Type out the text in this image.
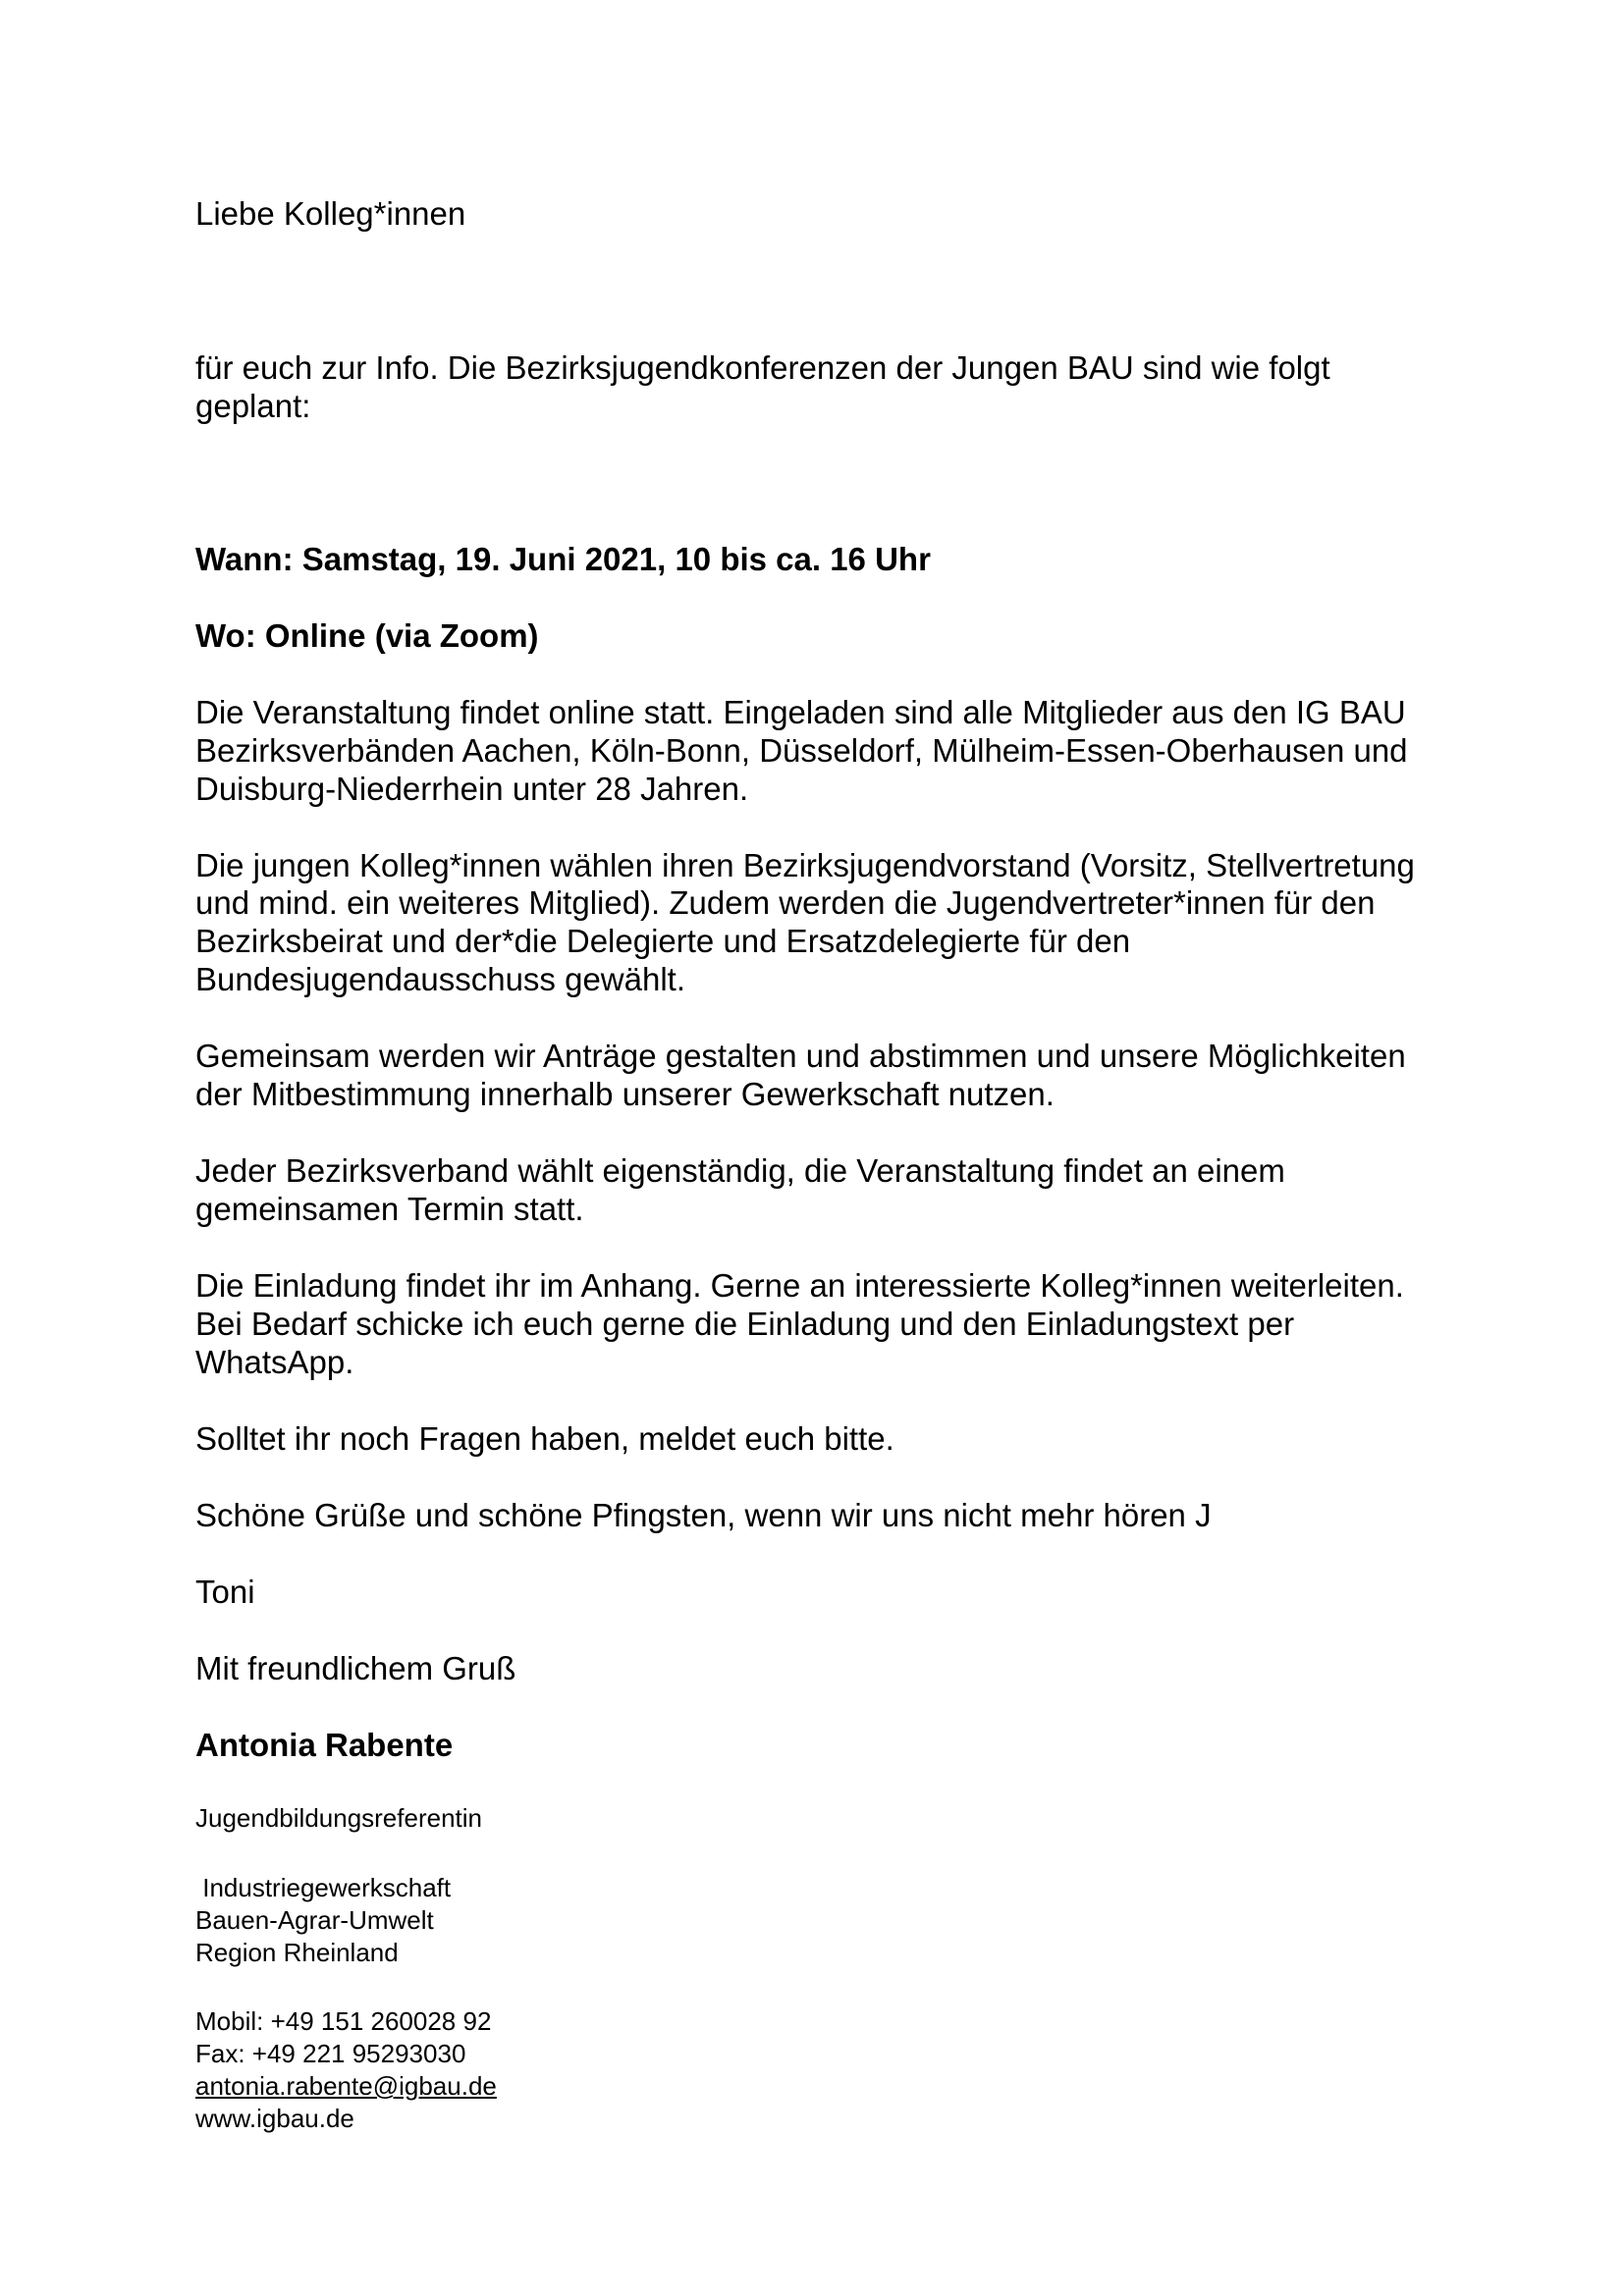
Liebe Kolleg*innen

für euch zur Info. Die Bezirksjugendkonferenzen der Jungen BAU sind wie folgt

geplant:

Wann: Samstag, 19. Juni 2021, 10 bis ca. 16 Uhr

Wo: Online (via Zoom)

Die Veranstaltung findet online statt. Eingeladen sind alle Mitglieder aus den IG BAU

Bezirksverbänden Aachen, Köln-Bonn, Düsseldorf, Mülheim-Essen-Oberhausen und

Duisburg-Niederrhein unter 28 Jahren.

Die jungen Kolleg*innen wählen ihren Bezirksjugendvorstand (Vorsitz, Stellvertretung

und mind. ein weiteres Mitglied). Zudem werden die Jugendvertreter*innen für den

Bezirksbeirat und der*die Delegierte und Ersatzdelegierte für den

Bundesjugendausschuss gewählt.

Gemeinsam werden wir Anträge gestalten und abstimmen und unsere Möglichkeiten

der Mitbestimmung innerhalb unserer Gewerkschaft nutzen.

Jeder Bezirksverband wählt eigenständig, die Veranstaltung findet an einem

gemeinsamen Termin statt.

Die Einladung findet ihr im Anhang. Gerne an interessierte Kolleg*innen weiterleiten.

Bei Bedarf schicke ich euch gerne die Einladung und den Einladungstext per

WhatsApp.

Solltet ihr noch Fragen haben, meldet euch bitte.

Schöne Grüße und schöne Pfingsten, wenn wir uns nicht mehr hören J

Toni

Mit freundlichem Gruß

Antonia Rabente

Jugendbildungsreferentin

Industriegewerkschaft

Bauen-Agrar-Umwelt

Region Rheinland

Mobil: +49 151 260028 92

Fax: +49 221 95293030

antonia.rabente@igbau.de

www.igbau.de
